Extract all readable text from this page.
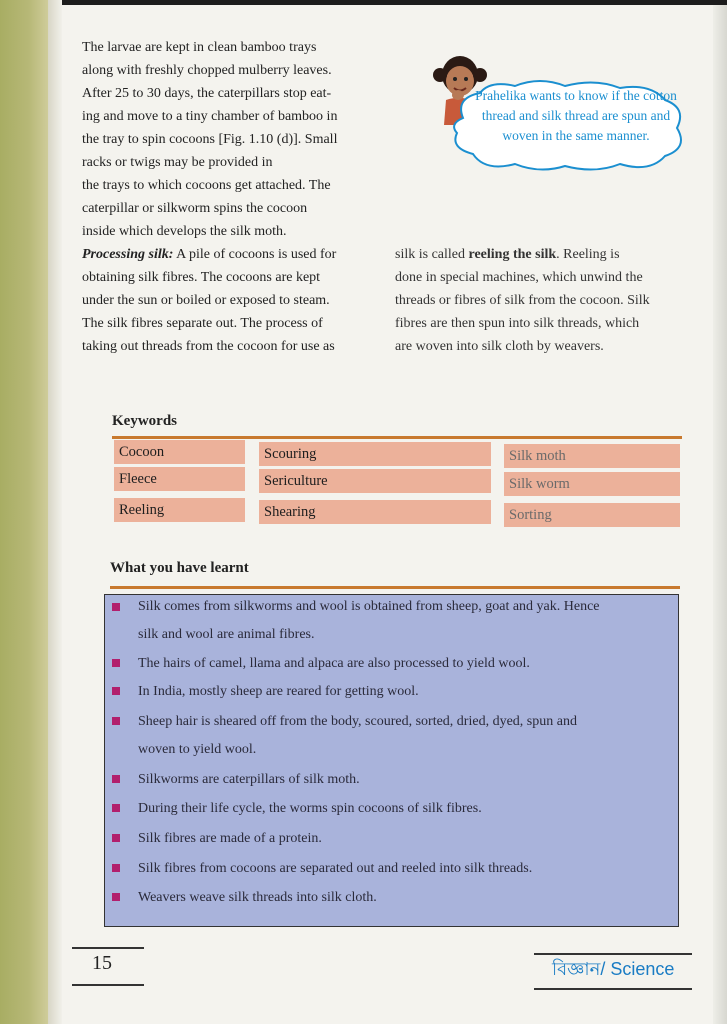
The larvae are kept in clean bamboo trays
along with freshly chopped mulberry leaves.
After 25 to 30 days, the caterpillars stop eat-
ing and move to a tiny chamber of bamboo in
the tray to spin cocoons [Fig. 1.10 (d)]. Small
racks or twigs may be provided in
the trays to which cocoons get attached. The
caterpillar or silkworm spins the cocoon
inside which develops the silk moth.
Processing silk: A pile of cocoons is used for
obtaining silk fibres. The cocoons are kept
under the sun or boiled or exposed to steam.
The silk fibres separate out. The process of
taking out threads from the cocoon for use as
Prahelika wants to know if the cotton thread and silk thread are spun and woven in the same manner.
silk is called reeling the silk. Reeling is
done in special machines, which unwind the
threads or fibres of silk from the cocoon. Silk
fibres are then spun into silk threads, which
are woven into silk cloth by weavers.
Keywords
Cocoon
Fleece
Reeling
Scouring
Sericulture
Shearing
Silk moth
Silk worm
Sorting
What you have learnt
Silk comes from silkworms and wool is obtained from sheep, goat and yak. Hence
silk and wool are animal fibres.
The hairs of camel, llama and alpaca are also processed to yield wool.
In India, mostly sheep are reared for getting wool.
Sheep hair is sheared off from the body, scoured, sorted, dried, dyed, spun and
woven to yield wool.
Silkworms are caterpillars of silk moth.
During their life cycle, the worms spin cocoons of silk fibres.
Silk fibres are made of a protein.
Silk fibres from cocoons are separated out and reeled into silk threads.
Weavers weave silk threads into silk cloth.
15	বিজ্ঞান/ Science
